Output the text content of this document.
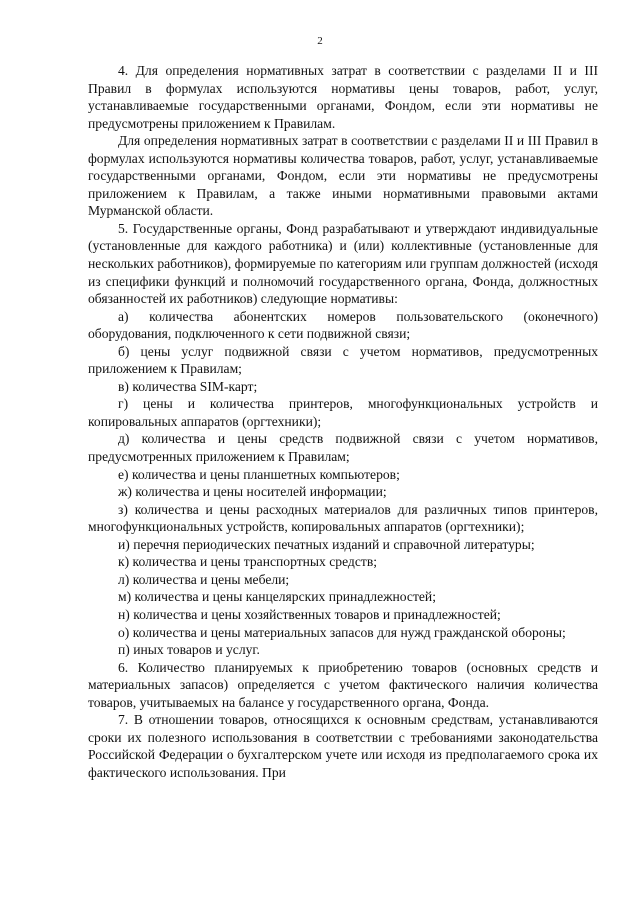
2

4. Для определения нормативных затрат в соответствии с разделами II и III Правил в формулах используются нормативы цены товаров, работ, услуг, устанавливаемые государственными органами, Фондом, если эти нормативы не предусмотрены приложением к Правилам.

Для определения нормативных затрат в соответствии с разделами II и III Правил в формулах используются нормативы количества товаров, работ, услуг, устанавливаемые государственными органами, Фондом, если эти нормативы не предусмотрены приложением к Правилам, а также иными нормативными правовыми актами Мурманской области.

5. Государственные органы, Фонд разрабатывают и утверждают индивидуальные (установленные для каждого работника) и (или) коллективные (установленные для нескольких работников), формируемые по категориям или группам должностей (исходя из специфики функций и полномочий государственного органа, Фонда, должностных обязанностей их работников) следующие нормативы:

а) количества абонентских номеров пользовательского (оконечного) оборудования, подключенного к сети подвижной связи;

б) цены услуг подвижной связи с учетом нормативов, предусмотренных приложением к Правилам;

в) количества SIM-карт;

г) цены и количества принтеров, многофункциональных устройств и копировальных аппаратов (оргтехники);

д) количества и цены средств подвижной связи с учетом нормативов, предусмотренных приложением к Правилам;

е) количества и цены планшетных компьютеров;

ж) количества и цены носителей информации;

з) количества и цены расходных материалов для различных типов принтеров, многофункциональных устройств, копировальных аппаратов (оргтехники);

и) перечня периодических печатных изданий и справочной литературы;

к) количества и цены транспортных средств;

л) количества и цены мебели;

м) количества и цены канцелярских принадлежностей;

н) количества и цены хозяйственных товаров и принадлежностей;

о) количества и цены материальных запасов для нужд гражданской обороны;

п) иных товаров и услуг.

6. Количество планируемых к приобретению товаров (основных средств и материальных запасов) определяется с учетом фактического наличия количества товаров, учитываемых на балансе у государственного органа, Фонда.

7. В отношении товаров, относящихся к основным средствам, устанавливаются сроки их полезного использования в соответствии с требованиями законодательства Российской Федерации о бухгалтерском учете или исходя из предполагаемого срока их фактического использования. При
